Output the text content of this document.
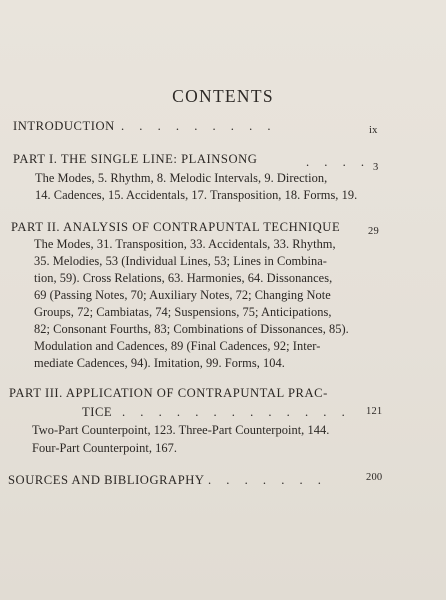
CONTENTS
INTRODUCTION . . . . . . . . .	ix
PART I. THE SINGLE LINE: PLAINSONG	. . . . 3
The Modes, 5. Rhythm, 8. Melodic Intervals, 9. Direction,
14. Cadences, 15. Accidentals, 17. Transposition, 18. Forms, 19.
PART II. ANALYSIS OF CONTRAPUNTAL TECHNIQUE	29
The Modes, 31. Transposition, 33. Accidentals, 33. Rhythm,
35. Melodies, 53 (Individual Lines, 53; Lines in Combina-
tion, 59). Cross Relations, 63. Harmonies, 64. Dissonances,
69 (Passing Notes, 70; Auxiliary Notes, 72; Changing Note
Groups, 72; Cambiatas, 74; Suspensions, 75; Anticipations,
82; Consonant Fourths, 83; Combinations of Dissonances, 85).
Modulation and Cadences, 89 (Final Cadences, 92; Inter-
mediate Cadences, 94). Imitation, 99. Forms, 104.
PART III. APPLICATION OF CONTRAPUNTAL PRAC-
TICE . . . . . . . . . . . . . 121
Two-Part Counterpoint, 123. Three-Part Counterpoint, 144.
Four-Part Counterpoint, 167.
SOURCES AND BIBLIOGRAPHY . . . . . . .	200
